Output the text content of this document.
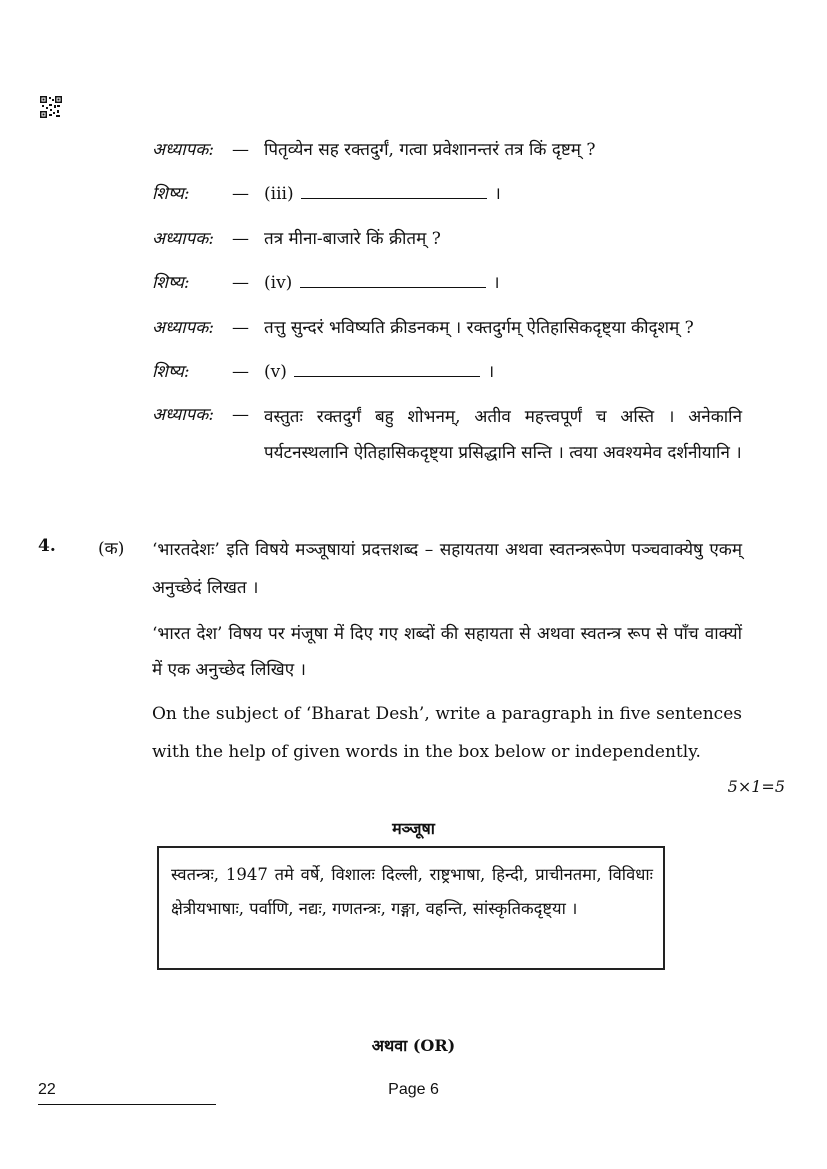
अध्यापक:	— पितृव्येन सह रक्तदुर्गं, गत्वा प्रवेशानन्तरं तत्र किं दृष्टम् ?
शिष्य:	— (iii)	।
अध्यापक:	— तत्र मीना-बाजारे किं क्रीतम् ?
शिष्य:	— (iv)	।
अध्यापक:	— तत्तु सुन्दरं भविष्यति क्रीडनकम् । रक्तदुर्गम् ऐतिहासिकदृष्ट्या कीदृशम् ?
शिष्य:	— (v)	।
अध्यापक:	— वस्तुतः रक्तदुर्गं बहु शोभनम्, अतीव महत्त्वपूर्णं च अस्ति । अनेकानि पर्यटनस्थलानि ऐतिहासिकदृष्ट्या प्रसिद्धानि सन्ति । त्वया अवश्यमेव दर्शनीयानि ।
4. (क) ‘भारतदेशः’ इति विषये मञ्जूषायां प्रदत्तशब्द – सहायतया अथवा स्वतन्त्ररूपेण पञ्चवाक्येषु एकम् अनुच्छेदं लिखत ।
‘भारत देश’ विषय पर मंजूषा में दिए गए शब्दों की सहायता से अथवा स्वतन्त्र रूप से पाँच वाक्यों में एक अनुच्छेद लिखिए ।
On the subject of ‘Bharat Desh’, write a paragraph in five sentences with the help of given words in the box below or independently.
5×1=5
मञ्जूषा
स्वतन्त्रः, 1947 तमे वर्षे, विशालः दिल्ली, राष्ट्रभाषा, हिन्दी, प्राचीनतमा, विविधाः क्षेत्रीयभाषाः, पर्वाणि, नद्यः, गणतन्त्रः, गङ्गा, वहन्ति, सांस्कृतिकदृष्ट्या ।
अथवा (OR)
22	Page 6
